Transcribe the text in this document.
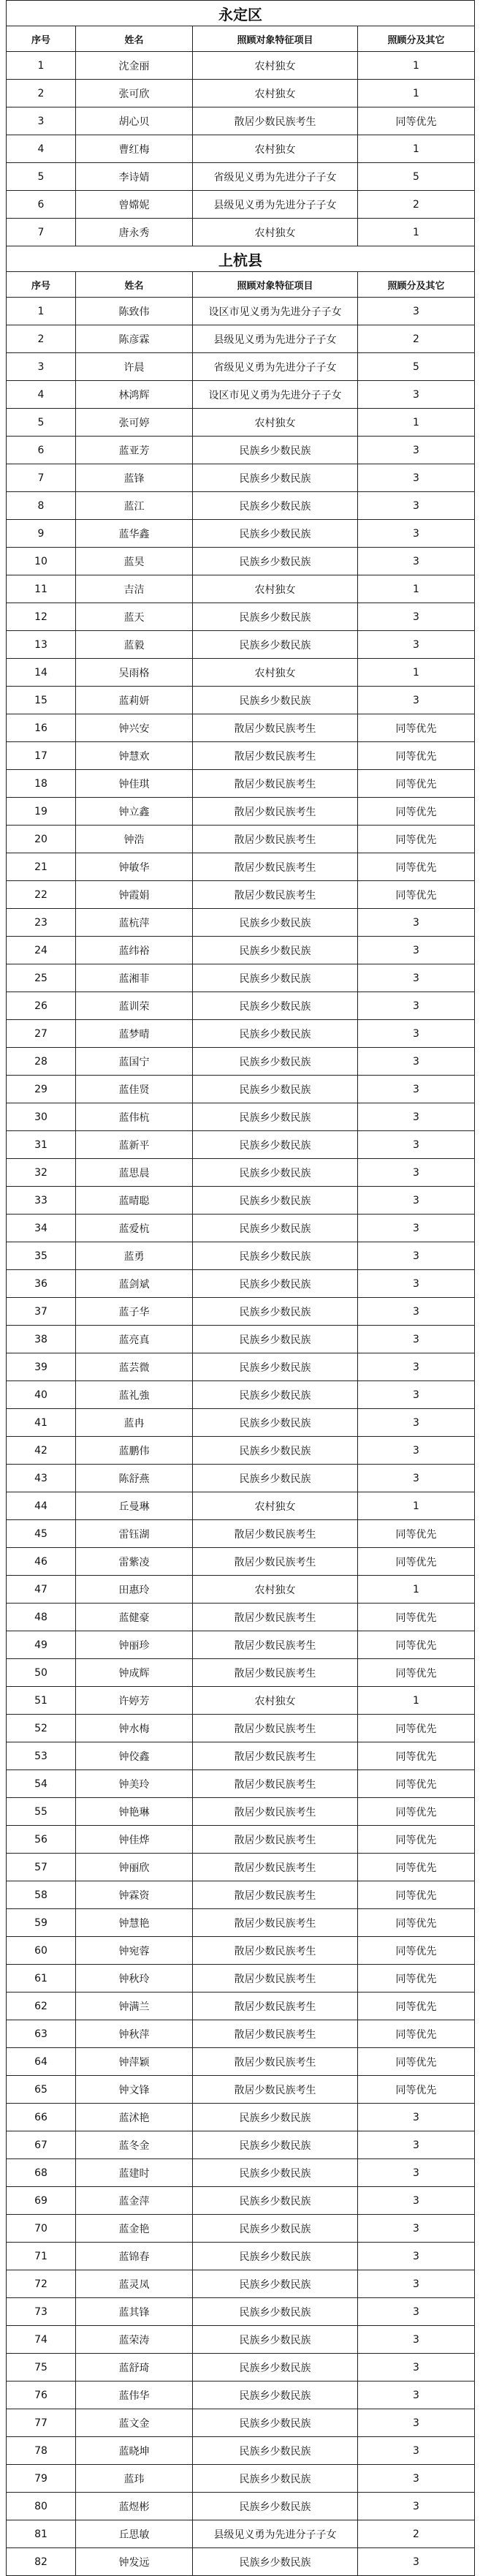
永定区			
序号	姓名	照顾对象特征项目	照顾分及其它
1	沈金丽	农村独女	1
2	张可欣	农村独女	1
3	胡心贝	散居少数民族考生	同等优先
4	曹红梅	农村独女	1
5	李诗婧	省级见义勇为先进分子子女	5
6	曾嫦妮	县级见义勇为先进分子子女	2
7	唐永秀	农村独女	1
上杭县			
序号	姓名	照顾对象特征项目	照顾分及其它
1	陈致伟	设区市见义勇为先进分子子女	3
2	陈彦霖	县级见义勇为先进分子子女	2
3	许晨	省级见义勇为先进分子子女	5
4	林鸿辉	设区市见义勇为先进分子子女	3
5	张可婷	农村独女	1
6	蓝亚芳	民族乡少数民族	3
7	蓝锋	民族乡少数民族	3
8	蓝江	民族乡少数民族	3
9	蓝华鑫	民族乡少数民族	3
10	蓝昊	民族乡少数民族	3
11	吉洁	农村独女	1
12	蓝天	民族乡少数民族	3
13	蓝毅	民族乡少数民族	3
14	吴雨格	农村独女	1
15	蓝莉妍	民族乡少数民族	3
16	钟兴安	散居少数民族考生	同等优先
17	钟慧欢	散居少数民族考生	同等优先
18	钟佳琪	散居少数民族考生	同等优先
19	钟立鑫	散居少数民族考生	同等优先
20	钟浩	散居少数民族考生	同等优先
21	钟敏华	散居少数民族考生	同等优先
22	钟霞娟	散居少数民族考生	同等优先
23	蓝杭萍	民族乡少数民族	3
24	蓝纬裕	民族乡少数民族	3
25	蓝湘菲	民族乡少数民族	3
26	蓝训荣	民族乡少数民族	3
27	蓝梦晴	民族乡少数民族	3
28	蓝国宁	民族乡少数民族	3
29	蓝佳贤	民族乡少数民族	3
30	蓝伟杭	民族乡少数民族	3
31	蓝新平	民族乡少数民族	3
32	蓝思晨	民族乡少数民族	3
33	蓝晴聪	民族乡少数民族	3
34	蓝爱杭	民族乡少数民族	3
35	蓝勇	民族乡少数民族	3
36	蓝剑斌	民族乡少数民族	3
37	蓝子华	民族乡少数民族	3
38	蓝亮真	民族乡少数民族	3
39	蓝芸微	民族乡少数民族	3
40	蓝礼強	民族乡少数民族	3
41	蓝冉	民族乡少数民族	3
42	蓝鹏伟	民族乡少数民族	3
43	陈舒燕	民族乡少数民族	3
44	丘曼琳	农村独女	1
45	雷钰湖	散居少数民族考生	同等优先
46	雷紫凌	散居少数民族考生	同等优先
47	田惠玲	农村独女	1
48	蓝健豪	散居少数民族考生	同等优先
49	钟丽珍	散居少数民族考生	同等优先
50	钟成辉	散居少数民族考生	同等优先
51	许婷芳	农村独女	1
52	钟水梅	散居少数民族考生	同等优先
53	钟佼鑫	散居少数民族考生	同等优先
54	钟美玲	散居少数民族考生	同等优先
55	钟艳琳	散居少数民族考生	同等优先
56	钟佳烨	散居少数民族考生	同等优先
57	钟丽欣	散居少数民族考生	同等优先
58	钟霖资	散居少数民族考生	同等优先
59	钟慧艳	散居少数民族考生	同等优先
60	钟宛蓉	散居少数民族考生	同等优先
61	钟秋玲	散居少数民族考生	同等优先
62	钟满兰	散居少数民族考生	同等优先
63	钟秋萍	散居少数民族考生	同等优先
64	钟萍颖	散居少数民族考生	同等优先
65	钟文锋	散居少数民族考生	同等优先
66	蓝沭艳	民族乡少数民族	3
67	蓝冬金	民族乡少数民族	3
68	蓝建时	民族乡少数民族	3
69	蓝金萍	民族乡少数民族	3
70	蓝金艳	民族乡少数民族	3
71	蓝锦春	民族乡少数民族	3
72	蓝灵凤	民族乡少数民族	3
73	蓝其锋	民族乡少数民族	3
74	蓝荣涛	民族乡少数民族	3
75	蓝舒琦	民族乡少数民族	3
76	蓝伟华	民族乡少数民族	3
77	蓝文金	民族乡少数民族	3
78	蓝晓坤	民族乡少数民族	3
79	蓝玮	民族乡少数民族	3
80	蓝煜彬	民族乡少数民族	3
81	丘思敏	县级见义勇为先进分子子女	2
82	钟发远	民族乡少数民族	3
